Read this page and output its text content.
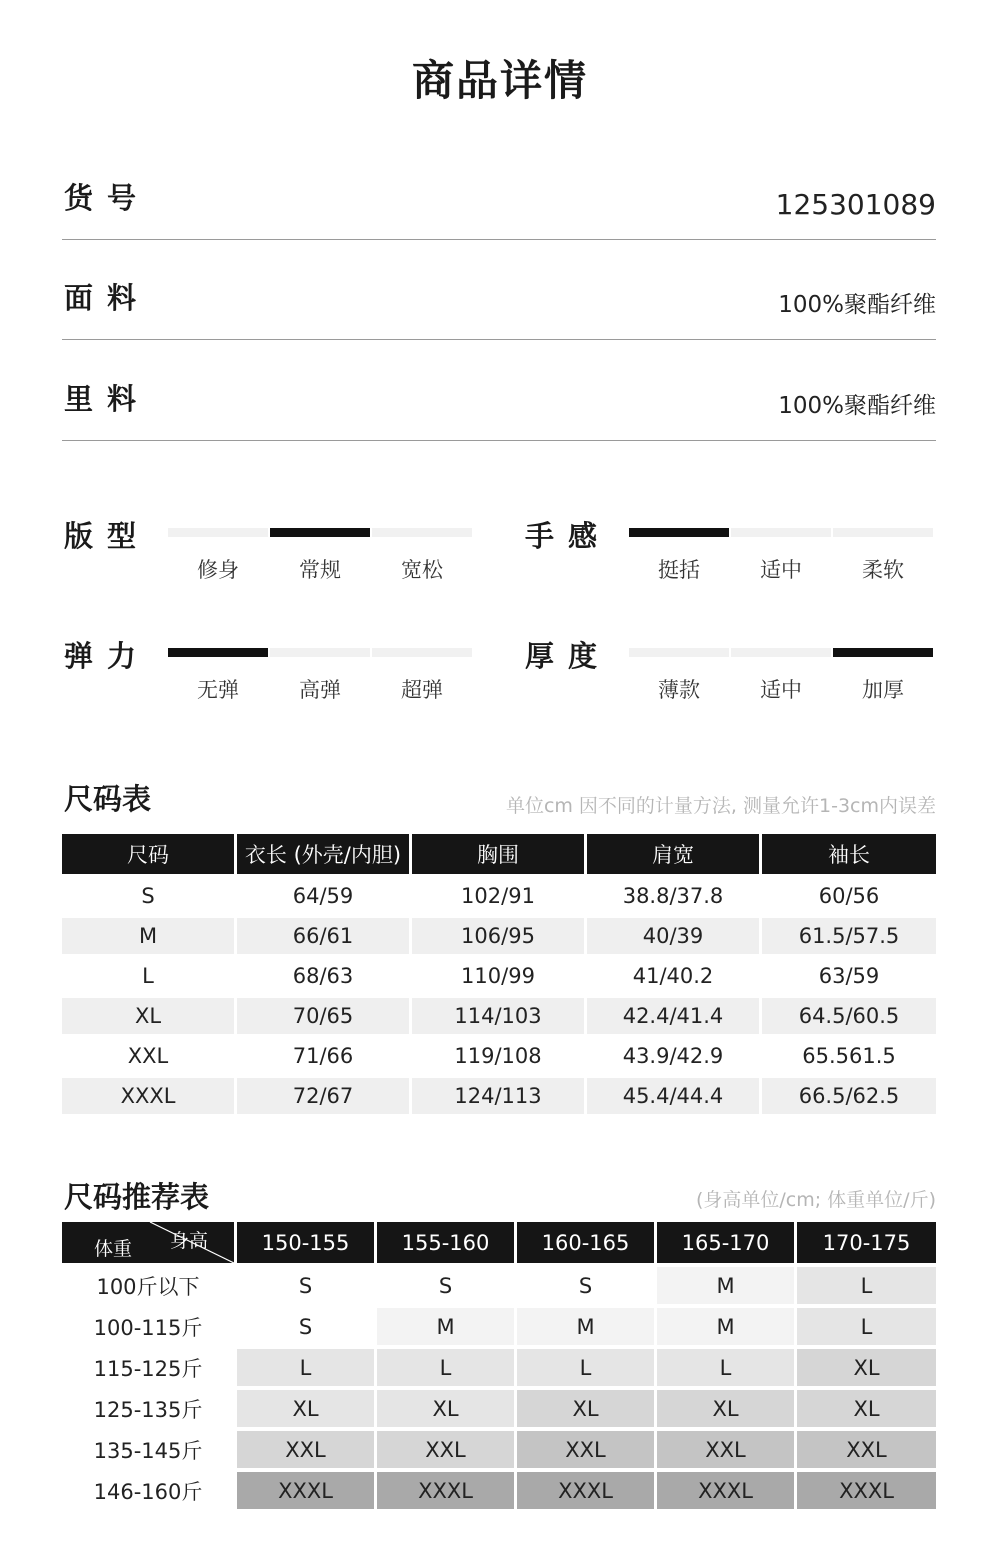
商品详情
货号	125301089
面料	100%聚酯纤维
里料	100%聚酯纤维
版型
修身	常规	宽松
手感
挺括	适中	柔软
弹力
无弹	高弹	超弹
厚度
薄款	适中	加厚
尺码表	单位cm 因不同的计量方法, 测量允许1-3cm内误差
尺码	衣长 (外壳/内胆)	胸围	肩宽	袖长
S	64/59	102/91	38.8/37.8	60/56
M	66/61	106/95	40/39	61.5/57.5
L	68/63	110/99	41/40.2	63/59
XL	70/65	114/103	42.4/41.4	64.5/60.5
XXL	71/66	119/108	43.9/42.9	65.561.5
XXXL	72/67	124/113	45.4/44.4	66.5/62.5
尺码推荐表	(身高单位/cm; 体重单位/斤)
身高
体重	150-155	155-160	160-165	165-170	170-175
100斤以下	S	S	S	M	L
100-115斤	S	M	M	M	L
115-125斤	L	L	L	L	XL
125-135斤	XL	XL	XL	XL	XL
135-145斤	XXL	XXL	XXL	XXL	XXL
146-160斤	XXXL	XXXL	XXXL	XXXL	XXXL
